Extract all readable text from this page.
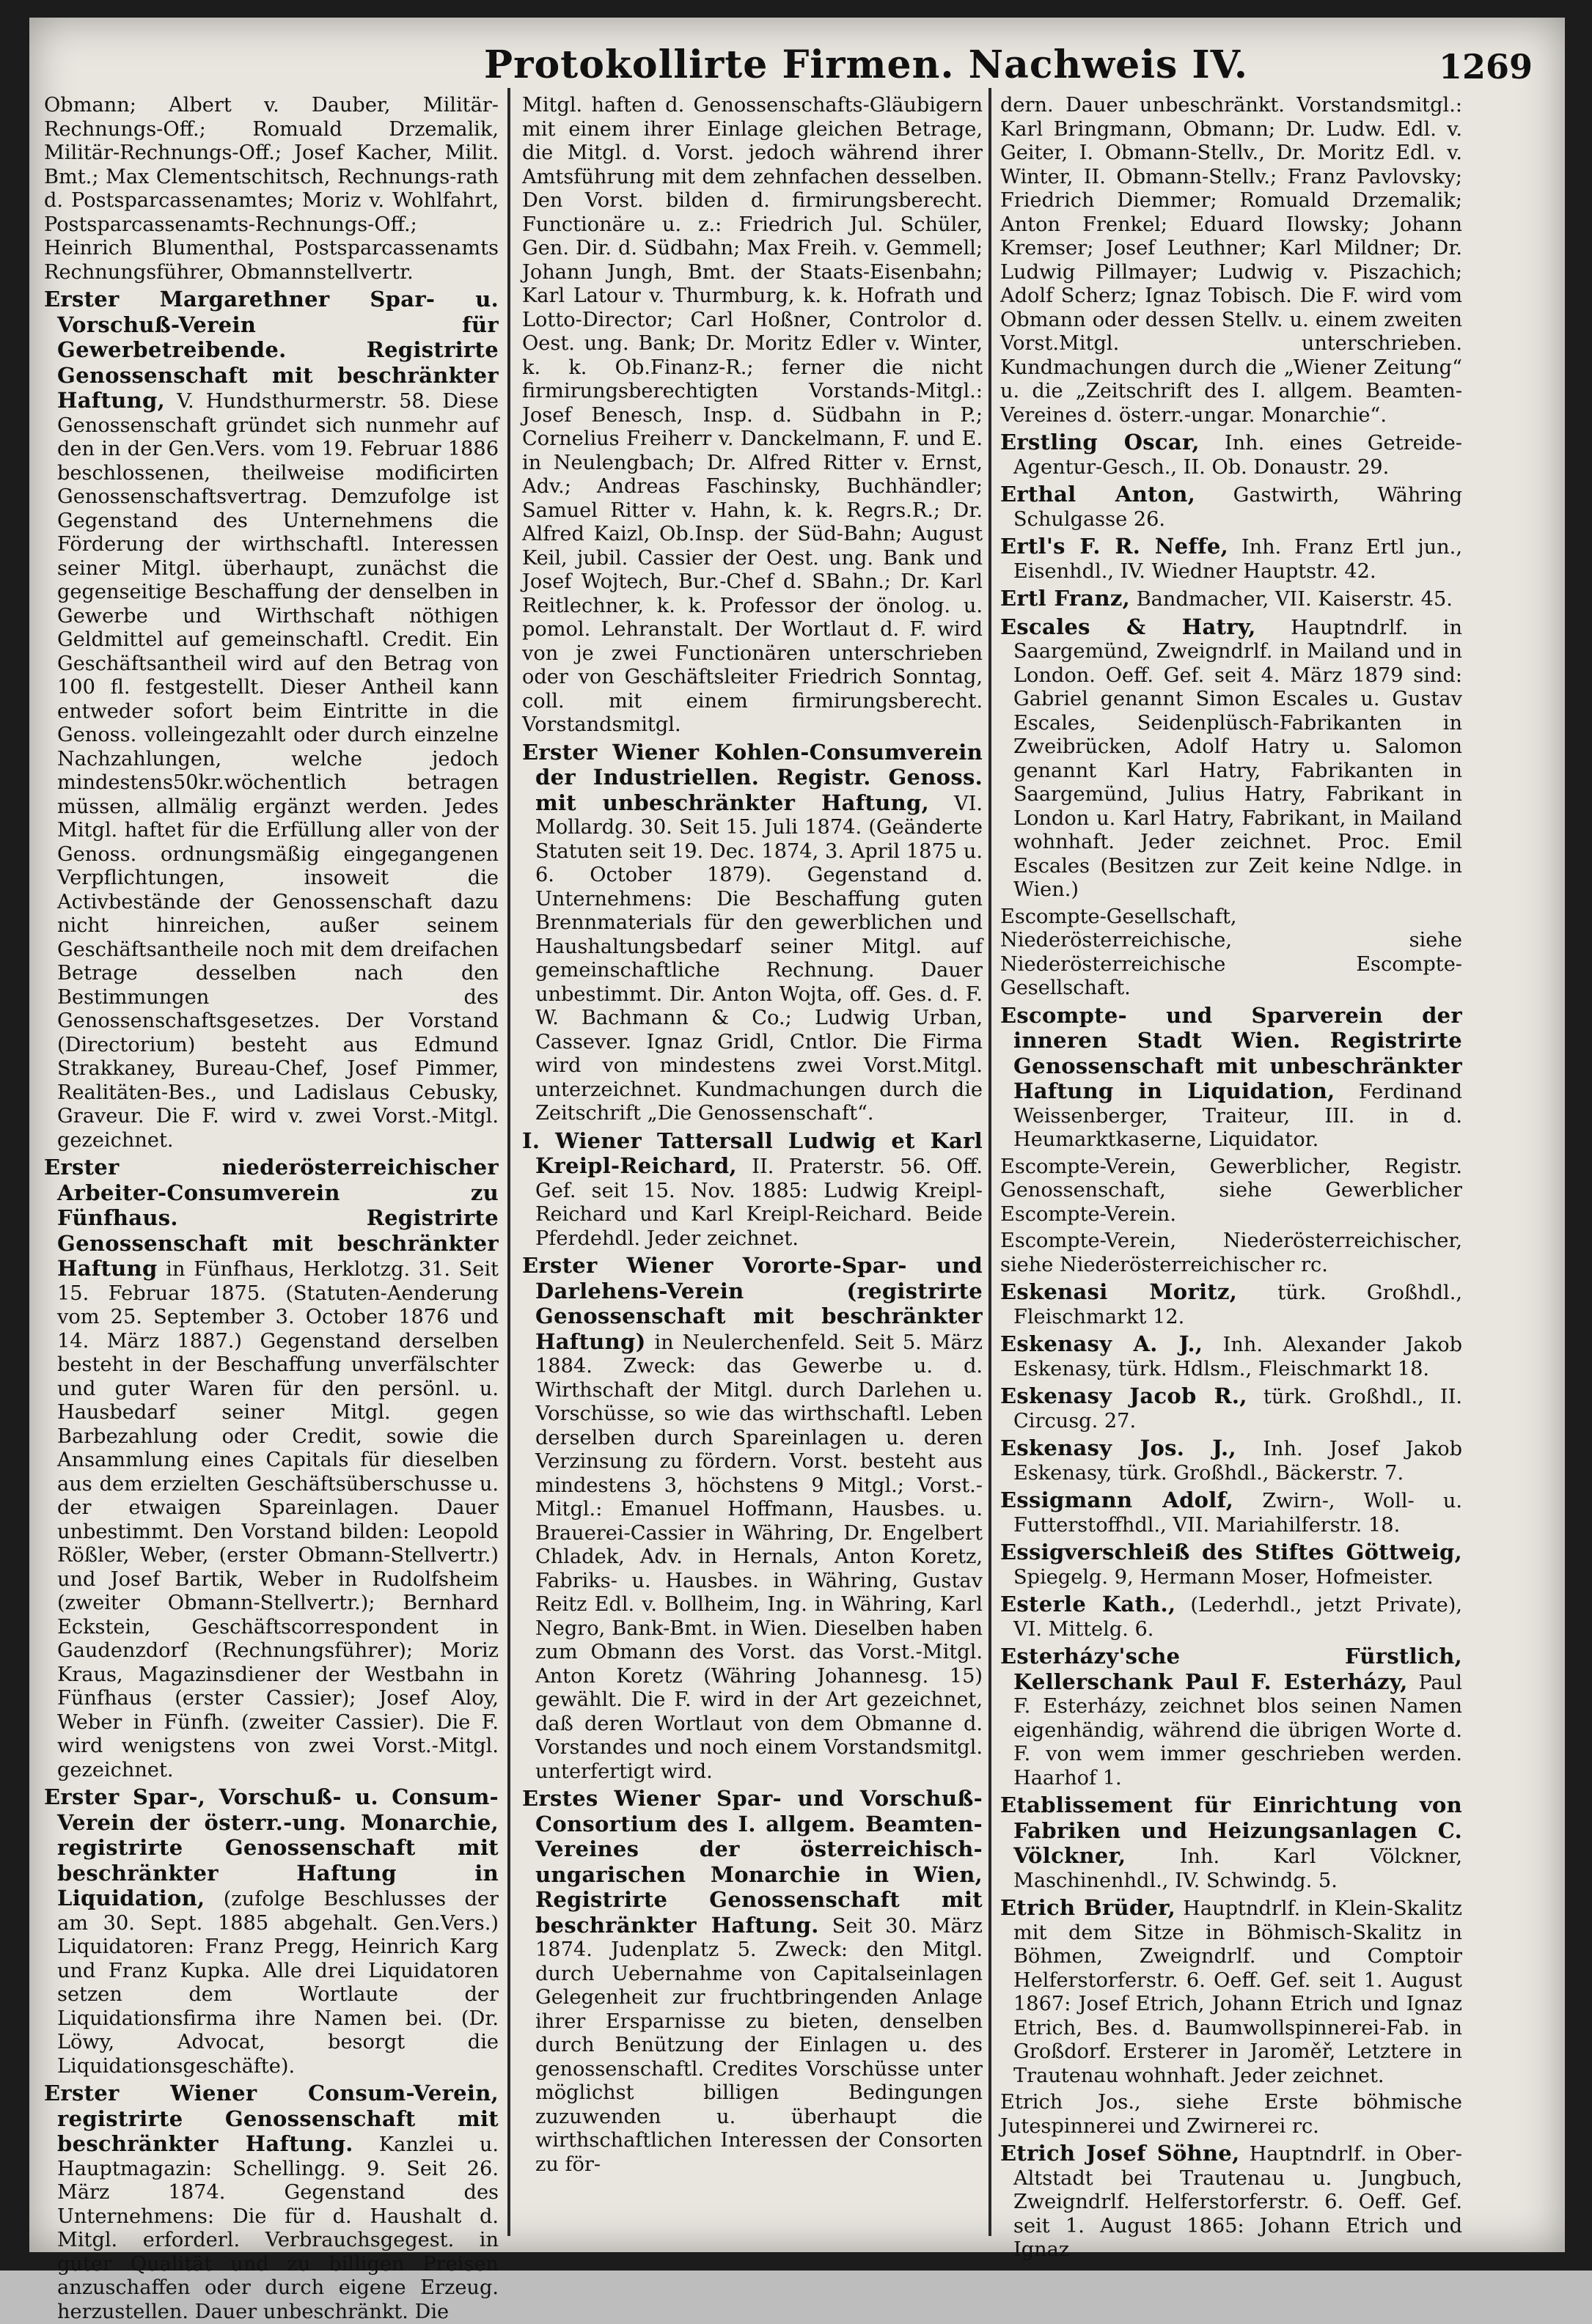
Protokollirte Firmen. Nachweis IV.	1269

Obmann; Albert v. Dauber, Militär-Rechnungs-Off.; Romuald Drzemalik, Militär-Rechnungs-Off.; Josef Kacher, Milit. Bmt.; Max Clementschitsch, Rechnungs-rath d. Postsparcassenamtes; Moriz v. Wohlfahrt, Postsparcassenamts-Rechnungs-Off.; Heinrich Blumenthal, Postsparcassenamts Rechnungsführer, Obmannstellvertr.

Erster Margarethner Spar- u. Vorschuß-Verein für Gewerbetreibende. Registrirte Genossenschaft mit beschränkter Haftung, V. Hundsthurmerstr. 58. Diese Genossenschaft gründet sich nunmehr auf den in der Gen.Vers. vom 19. Februar 1886 beschlossenen, theilweise modificirten Genossenschaftsvertrag. Demzufolge ist Gegenstand des Unternehmens die Förderung der wirthschaftl. Interessen seiner Mitgl. überhaupt, zunächst die gegenseitige Beschaffung der denselben in Gewerbe und Wirthschaft nöthigen Geldmittel auf gemeinschaftl. Credit. Ein Geschäftsantheil wird auf den Betrag von 100 fl. festgestellt. Dieser Antheil kann entweder sofort beim Eintritte in die Genoss. volleingezahlt oder durch einzelne Nachzahlungen, welche jedoch mindestens50kr.wöchentlich betragen müssen, allmälig ergänzt werden. Jedes Mitgl. haftet für die Erfüllung aller von der Genoss. ordnungsmäßig eingegangenen Verpflichtungen, insoweit die Activbestände der Genossenschaft dazu nicht hinreichen, außer seinem Geschäftsantheile noch mit dem dreifachen Betrage desselben nach den Bestimmungen des Genossenschaftsgesetzes. Der Vorstand (Directorium) besteht aus Edmund Strakkaney, Bureau-Chef, Josef Pimmer, Realitäten-Bes., und Ladislaus Cebusky, Graveur. Die F. wird v. zwei Vorst.-Mitgl. gezeichnet.

Erster niederösterreichischer Arbeiter-Consumverein zu Fünfhaus. Registrirte Genossenschaft mit beschränkter Haftung in Fünfhaus, Herklotzg. 31. Seit 15. Februar 1875. (Statuten-Aenderung vom 25. September 3. October 1876 und 14. März 1887.) Gegenstand derselben besteht in der Beschaffung unverfälschter und guter Waren für den persönl. u. Hausbedarf seiner Mitgl. gegen Barbezahlung oder Credit, sowie die Ansammlung eines Capitals für dieselben aus dem erzielten Geschäftsüberschusse u. der etwaigen Spareinlagen. Dauer unbestimmt. Den Vorstand bilden: Leopold Rößler, Weber, (erster Obmann-Stellvertr.) und Josef Bartik, Weber in Rudolfsheim (zweiter Obmann-Stellvertr.); Bernhard Eckstein, Geschäftscorrespondent in Gaudenzdorf (Rechnungsführer); Moriz Kraus, Magazinsdiener der Westbahn in Fünfhaus (erster Cassier); Josef Aloy, Weber in Fünfh. (zweiter Cassier). Die F. wird wenigstens von zwei Vorst.-Mitgl. gezeichnet.

Erster Spar-, Vorschuß- u. Consum-Verein der österr.-ung. Monarchie, registrirte Genossenschaft mit beschränkter Haftung in Liquidation, (zufolge Beschlusses der am 30. Sept. 1885 abgehalt. Gen.Vers.) Liquidatoren: Franz Pregg, Heinrich Karg und Franz Kupka. Alle drei Liquidatoren setzen dem Wortlaute der Liquidationsfirma ihre Namen bei. (Dr. Löwy, Advocat, besorgt die Liquidationsgeschäfte).

Erster Wiener Consum-Verein, registrirte Genossenschaft mit beschränkter Haftung. Kanzlei u. Hauptmagazin: Schellingg. 9. Seit 26. März 1874. Gegenstand des Unternehmens: Die für d. Haushalt d. Mitgl. erforderl. Verbrauchsgegest. in guter Qualität und zu billigen Preisen anzuschaffen oder durch eigene Erzeug. herzustellen. Dauer unbeschränkt. Die

Mitgl. haften d. Genossenschafts-Gläubigern mit einem ihrer Einlage gleichen Betrage, die Mitgl. d. Vorst. jedoch während ihrer Amtsführung mit dem zehnfachen desselben. Den Vorst. bilden d. firmirungsberecht. Functionäre u. z.: Friedrich Jul. Schüler, Gen. Dir. d. Südbahn; Max Freih. v. Gemmell; Johann Jungh, Bmt. der Staats-Eisenbahn; Karl Latour v. Thurmburg, k. k. Hofrath und Lotto-Director; Carl Hoßner, Controlor d. Oest. ung. Bank; Dr. Moritz Edler v. Winter, k. k. Ob.Finanz-R.; ferner die nicht firmirungsberechtigten Vorstands-Mitgl.: Josef Benesch, Insp. d. Südbahn in P.; Cornelius Freiherr v. Danckelmann, F. und E. in Neulengbach; Dr. Alfred Ritter v. Ernst, Adv.; Andreas Faschinsky, Buchhändler; Samuel Ritter v. Hahn, k. k. Regrs.R.; Dr. Alfred Kaizl, Ob.Insp. der Süd-Bahn; August Keil, jubil. Cassier der Oest. ung. Bank und Josef Wojtech, Bur.-Chef d. SBahn.; Dr. Karl Reitlechner, k. k. Professor der önolog. u. pomol. Lehranstalt. Der Wortlaut d. F. wird von je zwei Functionären unterschrieben oder von Geschäftsleiter Friedrich Sonntag, coll. mit einem firmirungsberecht. Vorstandsmitgl.

Erster Wiener Kohlen-Consumverein der Industriellen. Registr. Genoss. mit unbeschränkter Haftung, VI. Mollardg. 30. Seit 15. Juli 1874. (Geänderte Statuten seit 19. Dec. 1874, 3. April 1875 u. 6. October 1879). Gegenstand d. Unternehmens: Die Beschaffung guten Brennmaterials für den gewerblichen und Haushaltungsbedarf seiner Mitgl. auf gemeinschaftliche Rechnung. Dauer unbestimmt. Dir. Anton Wojta, off. Ges. d. F. W. Bachmann & Co.; Ludwig Urban, Cassever. Ignaz Gridl, Cntlor. Die Firma wird von mindestens zwei Vorst.Mitgl. unterzeichnet. Kundmachungen durch die Zeitschrift „Die Genossenschaft“.

I. Wiener Tattersall Ludwig et Karl Kreipl-Reichard, II. Praterstr. 56. Off. Gef. seit 15. Nov. 1885: Ludwig Kreipl-Reichard und Karl Kreipl-Reichard. Beide Pferdehdl. Jeder zeichnet.

Erster Wiener Vororte-Spar- und Darlehens-Verein (registrirte Genossenschaft mit beschränkter Haftung) in Neulerchenfeld. Seit 5. März 1884. Zweck: das Gewerbe u. d. Wirthschaft der Mitgl. durch Darlehen u. Vorschüsse, so wie das wirthschaftl. Leben derselben durch Spareinlagen u. deren Verzinsung zu fördern. Vorst. besteht aus mindestens 3, höchstens 9 Mitgl.; Vorst.-Mitgl.: Emanuel Hoffmann, Hausbes. u. Brauerei-Cassier in Währing, Dr. Engelbert Chladek, Adv. in Hernals, Anton Koretz, Fabriks- u. Hausbes. in Währing, Gustav Reitz Edl. v. Bollheim, Ing. in Währing, Karl Negro, Bank-Bmt. in Wien. Dieselben haben zum Obmann des Vorst. das Vorst.-Mitgl. Anton Koretz (Währing Johannesg. 15) gewählt. Die F. wird in der Art gezeichnet, daß deren Wortlaut von dem Obmanne d. Vorstandes und noch einem Vorstandsmitgl. unterfertigt wird.

Erstes Wiener Spar- und Vorschuß-Consortium des I. allgem. Beamten-Vereines der österreichisch-ungarischen Monarchie in Wien, Registrirte Genossenschaft mit beschränkter Haftung. Seit 30. März 1874. Judenplatz 5. Zweck: den Mitgl. durch Uebernahme von Capitalseinlagen Gelegenheit zur fruchtbringenden Anlage ihrer Ersparnisse zu bieten, denselben durch Benützung der Einlagen u. des genossenschaftl. Credites Vorschüsse unter möglichst billigen Bedingungen zuzuwenden u. überhaupt die wirthschaftlichen Interessen der Consorten zu för-

dern. Dauer unbeschränkt. Vorstandsmitgl.: Karl Bringmann, Obmann; Dr. Ludw. Edl. v. Geiter, I. Obmann-Stellv., Dr. Moritz Edl. v. Winter, II. Obmann-Stellv.; Franz Pavlovsky; Friedrich Diemmer; Romuald Drzemalik; Anton Frenkel; Eduard Ilowsky; Johann Kremser; Josef Leuthner; Karl Mildner; Dr. Ludwig Pillmayer; Ludwig v. Piszachich; Adolf Scherz; Ignaz Tobisch. Die F. wird vom Obmann oder dessen Stellv. u. einem zweiten Vorst.Mitgl. unterschrieben. Kundmachungen durch die „Wiener Zeitung“ u. die „Zeitschrift des I. allgem. Beamten-Vereines d. österr.-ungar. Monarchie“.

Erstling Oscar, Inh. eines Getreide-Agentur-Gesch., II. Ob. Donaustr. 29.

Erthal Anton, Gastwirth, Währing Schulgasse 26.

Ertl's F. R. Neffe, Inh. Franz Ertl jun., Eisenhdl., IV. Wiedner Hauptstr. 42.

Ertl Franz, Bandmacher, VII. Kaiserstr. 45.

Escales & Hatry, Hauptndrlf. in Saargemünd, Zweigndrlf. in Mailand und in London. Oeff. Gef. seit 4. März 1879 sind: Gabriel genannt Simon Escales u. Gustav Escales, Seidenplüsch-Fabrikanten in Zweibrücken, Adolf Hatry u. Salomon genannt Karl Hatry, Fabrikanten in Saargemünd, Julius Hatry, Fabrikant in London u. Karl Hatry, Fabrikant, in Mailand wohnhaft. Jeder zeichnet. Proc. Emil Escales (Besitzen zur Zeit keine Ndlge. in Wien.)

Escompte-Gesellschaft, Niederösterreichische, siehe Niederösterreichische Escompte-Gesellschaft.

Escompte- und Sparverein der inneren Stadt Wien. Registrirte Genossenschaft mit unbeschränkter Haftung in Liquidation, Ferdinand Weissenberger, Traiteur, III. in d. Heumarktkaserne, Liquidator.

Escompte-Verein, Gewerblicher, Registr. Genossenschaft, siehe Gewerblicher Escompte-Verein.

Escompte-Verein, Niederösterreichischer, siehe Niederösterreichischer rc.

Eskenasi Moritz, türk. Großhdl., Fleischmarkt 12.

Eskenasy A. J., Inh. Alexander Jakob Eskenasy, türk. Hdlsm., Fleischmarkt 18.

Eskenasy Jacob R., türk. Großhdl., II. Circusg. 27.

Eskenasy Jos. J., Inh. Josef Jakob Eskenasy, türk. Großhdl., Bäckerstr. 7.

Essigmann Adolf, Zwirn-, Woll- u. Futterstoffhdl., VII. Mariahilferstr. 18.

Essigverschleiß des Stiftes Göttweig, Spiegelg. 9, Hermann Moser, Hofmeister.

Esterle Kath., (Lederhdl., jetzt Private), VI. Mittelg. 6.

Esterházy'sche Fürstlich, Kellerschank Paul F. Esterházy, Paul F. Esterházy, zeichnet blos seinen Namen eigenhändig, während die übrigen Worte d. F. von wem immer geschrieben werden. Haarhof 1.

Etablissement für Einrichtung von Fabriken und Heizungsanlagen C. Völckner,	Inh. Karl Völckner, Maschinenhdl., IV. Schwindg. 5.

Etrich Brüder, Hauptndrlf. in Klein-Skalitz mit dem Sitze in Böhmisch-Skalitz in Böhmen, Zweigndrlf. und Comptoir Helferstorferstr. 6. Oeff. Gef. seit 1. August 1867: Josef Etrich, Johann Etrich und Ignaz Etrich, Bes. d. Baumwollspinnerei-Fab. in Großdorf. Ersterer in Jaroměř, Letztere in Trautenau wohnhaft. Jeder zeichnet.

Etrich Jos., siehe Erste böhmische Jutespinnerei und Zwirnerei rc.

Etrich Josef Söhne, Hauptndrlf. in Ober-Altstadt bei Trautenau u. Jungbuch, Zweigndrlf. Helferstorferstr. 6. Oeff. Gef. seit 1. August 1865: Johann Etrich und Ignaz
